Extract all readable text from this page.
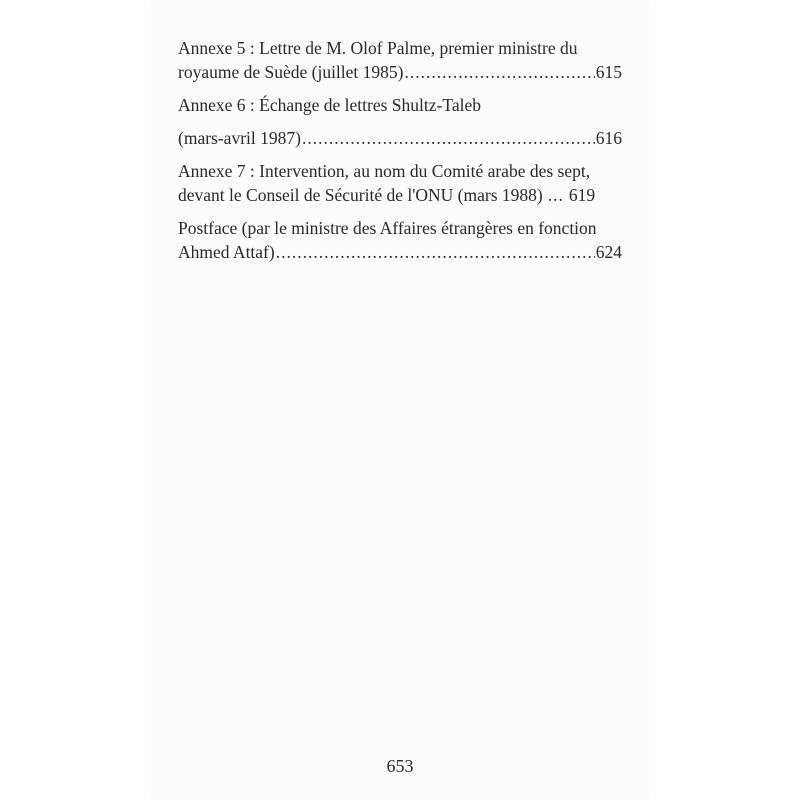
Annexe 5 : Lettre de M. Olof Palme, premier ministre du
royaume de Suède (juillet 1985) .....	615
Annexe 6 : Échange de lettres Shultz-Taleb
(mars-avril 1987) .....	616
Annexe 7 : Intervention, au nom du Comité arabe des sept,
devant le Conseil de Sécurité de l'ONU (mars 1988) ... 619
Postface (par le ministre des Affaires étrangères en fonction
Ahmed Attaf) .....	624
653
